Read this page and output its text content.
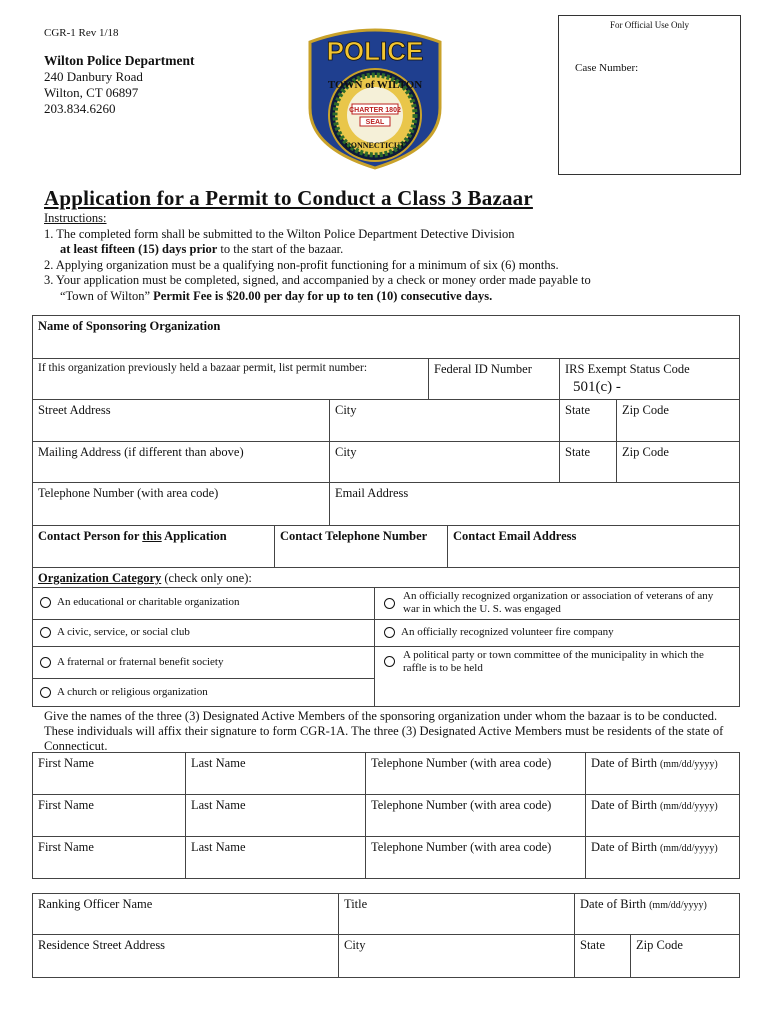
CGR-1 Rev 1/18
Wilton Police Department
240 Danbury Road
Wilton, CT 06897
203.834.6260
POLICE
TOWN of WILTON
CHARTER 1802
SEAL
CONNECTICUT
For Official Use Only
Case Number:
Application for a Permit to Conduct a Class 3 Bazaar
Instructions:
1. The completed form shall be submitted to the Wilton Police Department Detective Division
at least fifteen (15) days prior to the start of the bazaar.
2. Applying organization must be a qualifying non-profit functioning for a minimum of six (6) months.
3. Your application must be completed, signed, and accompanied by a check or money order made payable to
“Town of Wilton” Permit Fee is $20.00 per day for up to ten (10) consecutive days.
Name of Sponsoring Organization
If this organization previously held a bazaar permit, list permit number:	Federal ID Number	IRS Exempt Status Code
501(c) -
Street Address	City	State	Zip Code
Mailing Address (if different than above)	City	State	Zip Code
Telephone Number (with area code)	Email Address
Contact Person for this Application	Contact Telephone Number	Contact Email Address
Organization Category (check only one):
An educational or charitable organization	An officially recognized organization or association of veterans of any war in which the U. S. was engaged
A civic, service, or social club	An officially recognized volunteer fire company
A fraternal or fraternal benefit society
A political party or town committee of the municipality in which the raffle is to be held
A church or religious organization
Give the names of the three (3) Designated Active Members of the sponsoring organization under whom the bazaar is to be conducted. These individuals will affix their signature to form CGR-1A. The three (3) Designated Active Members must be residents of the state of Connecticut.
First Name	Last Name	Telephone Number (with area code)	Date of Birth (mm/dd/yyyy)
First Name	Last Name	Telephone Number (with area code)	Date of Birth (mm/dd/yyyy)
First Name	Last Name	Telephone Number (with area code)	Date of Birth (mm/dd/yyyy)
Ranking Officer Name	Title	Date of Birth (mm/dd/yyyy)
Residence Street Address	City	State	Zip Code
